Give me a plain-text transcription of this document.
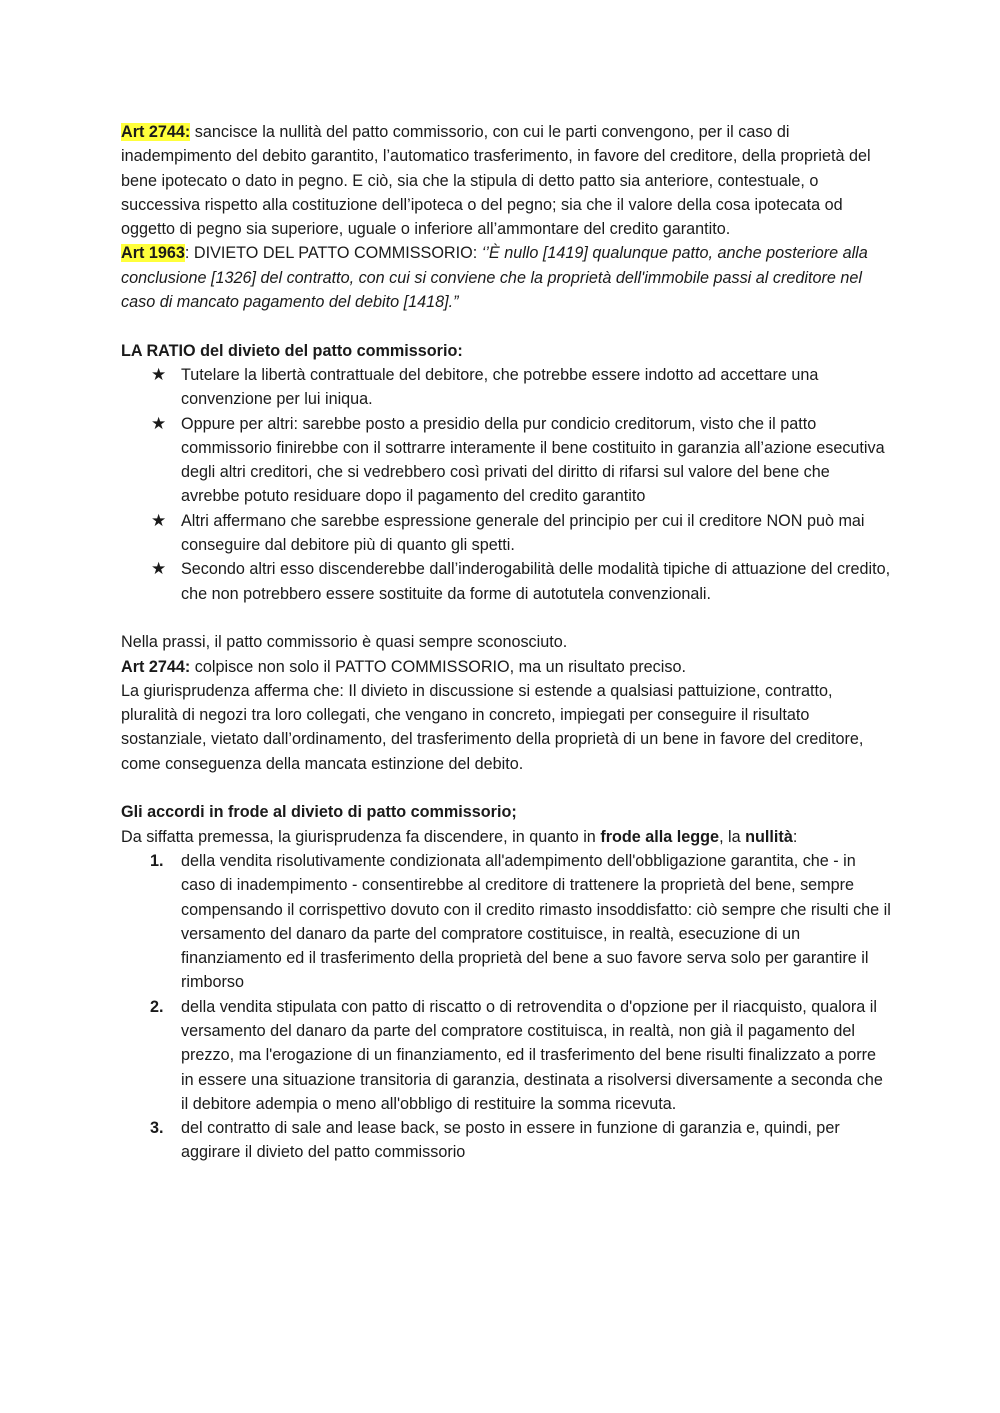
Art 2744: sancisce la nullità del patto commissorio, con cui le parti convengono, per il caso di inadempimento del debito garantito, l’automatico trasferimento, in favore del creditore, della proprietà del bene ipotecato o dato in pegno. E ciò, sia che la stipula di detto patto sia anteriore, contestuale, o successiva rispetto alla costituzione dell’ipoteca o del pegno; sia che il valore della cosa ipotecata od oggetto di pegno sia superiore, uguale o inferiore all’ammontare del credito garantito.

Art 1963: DIVIETO DEL PATTO COMMISSORIO: ‘’È nullo [1419] qualunque patto, anche posteriore alla conclusione [1326] del contratto, con cui si conviene che la proprietà dell'immobile passi al creditore nel caso di mancato pagamento del debito [1418].”

LA RATIO del divieto del patto commissorio:

★ Tutelare la libertà contrattuale del debitore, che potrebbe essere indotto ad accettare una convenzione per lui iniqua.
★ Oppure per altri: sarebbe posto a presidio della pur condicio creditorum, visto che il patto commissorio finirebbe con il sottrarre interamente il bene costituito in garanzia all’azione esecutiva degli altri creditori, che si vedrebbero così privati del diritto di rifarsi sul valore del bene che avrebbe potuto residuare dopo il pagamento del credito garantito
★ Altri affermano che sarebbe espressione generale del principio per cui il creditore NON può mai conseguire dal debitore più di quanto gli spetti.
★ Secondo altri esso discenderebbe dall’inderogabilità delle modalità tipiche di attuazione del credito, che non potrebbero essere sostituite da forme di autotutela convenzionali.

Nella prassi, il patto commissorio è quasi sempre sconosciuto.

Art 2744: colpisce non solo il PATTO COMMISSORIO, ma un risultato preciso.

La giurisprudenza afferma che: Il divieto in discussione si estende a qualsiasi pattuizione, contratto, pluralità di negozi tra loro collegati, che vengano in concreto, impiegati per conseguire il risultato sostanziale, vietato dall’ordinamento, del trasferimento della proprietà di un bene in favore del creditore, come conseguenza della mancata estinzione del debito.

Gli accordi in frode al divieto di patto commissorio;

Da siffatta premessa, la giurisprudenza fa discendere, in quanto in frode alla legge, la nullità:

1. della vendita risolutivamente condizionata all'adempimento dell'obbligazione garantita, che - in caso di inadempimento - consentirebbe al creditore di trattenere la proprietà del bene, sempre compensando il corrispettivo dovuto con il credito rimasto insoddisfatto: ciò sempre che risulti che il versamento del danaro da parte del compratore costituisce, in realtà, esecuzione di un finanziamento ed il trasferimento della proprietà del bene a suo favore serva solo per garantire il rimborso
2. della vendita stipulata con patto di riscatto o di retrovendita o d'opzione per il riacquisto, qualora il versamento del danaro da parte del compratore costituisca, in realtà, non già il pagamento del prezzo, ma l'erogazione di un finanziamento, ed il trasferimento del bene risulti finalizzato a porre in essere una situazione transitoria di garanzia, destinata a risolversi diversamente a seconda che il debitore adempia o meno all'obbligo di restituire la somma ricevuta.
3. del contratto di sale and lease back, se posto in essere in funzione di garanzia e, quindi, per aggirare il divieto del patto commissorio
